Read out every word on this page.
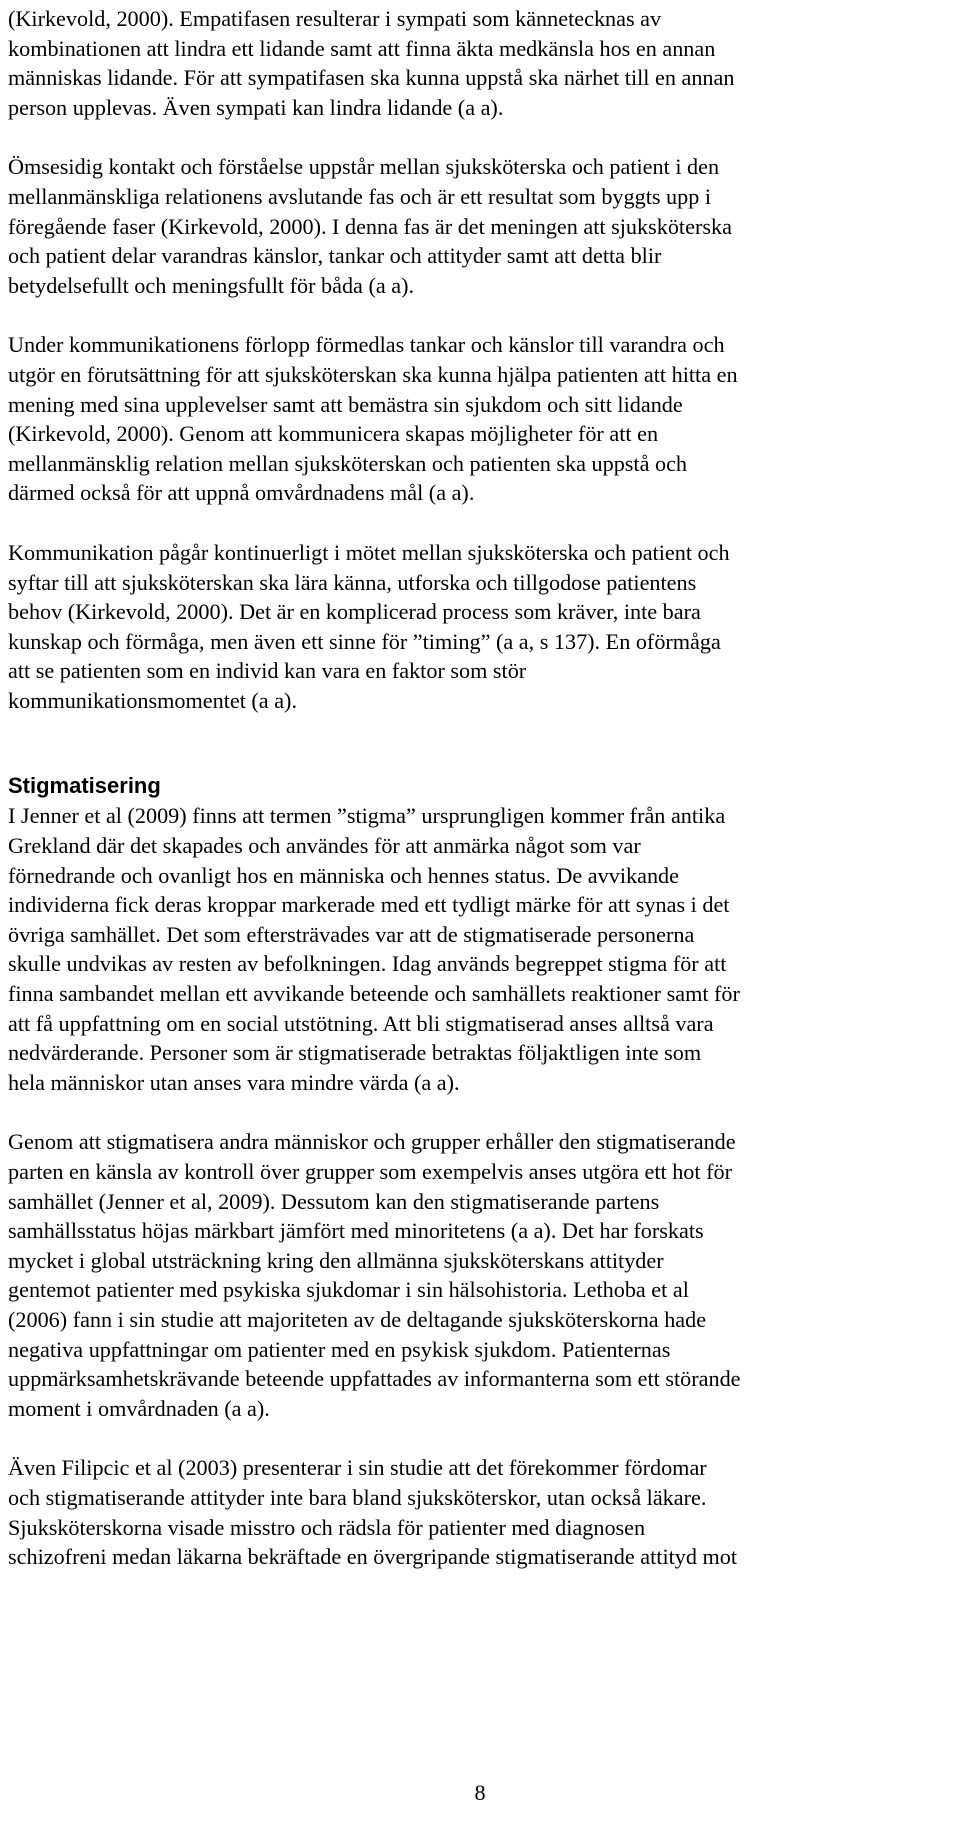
(Kirkevold, 2000). Empatifasen resulterar i sympati som kännetecknas av
kombinationen att lindra ett lidande samt att finna äkta medkänsla hos en annan
människas lidande. För att sympatifasen ska kunna uppstå ska närhet till en annan
person upplevas. Även sympati kan lindra lidande (a a).

Ömsesidig kontakt och förståelse uppstår mellan sjuksköterska och patient i den
mellanmänskliga relationens avslutande fas och är ett resultat som byggts upp i
föregående faser (Kirkevold, 2000). I denna fas är det meningen att sjuksköterska
och patient delar varandras känslor, tankar och attityder samt att detta blir
betydelsefullt och meningsfullt för båda (a a).

Under kommunikationens förlopp förmedlas tankar och känslor till varandra och
utgör en förutsättning för att sjuksköterskan ska kunna hjälpa patienten att hitta en
mening med sina upplevelser samt att bemästra sin sjukdom och sitt lidande
(Kirkevold, 2000). Genom att kommunicera skapas möjligheter för att en
mellanmänsklig relation mellan sjuksköterskan och patienten ska uppstå och
därmed också för att uppnå omvårdnadens mål (a a).

Kommunikation pågår kontinuerligt i mötet mellan sjuksköterska och patient och
syftar till att sjuksköterskan ska lära känna, utforska och tillgodose patientens
behov (Kirkevold, 2000). Det är en komplicerad process som kräver, inte bara
kunskap och förmåga, men även ett sinne för ”timing” (a a, s 137). En oförmåga
att se patienten som en individ kan vara en faktor som stör
kommunikationsmomentet (a a).

Stigmatisering

I Jenner et al (2009) finns att termen ”stigma” ursprungligen kommer från antika
Grekland där det skapades och användes för att anmärka något som var
förnedrande och ovanligt hos en människa och hennes status. De avvikande
individerna fick deras kroppar markerade med ett tydligt märke för att synas i det
övriga samhället. Det som eftersträvades var att de stigmatiserade personerna
skulle undvikas av resten av befolkningen. Idag används begreppet stigma för att
finna sambandet mellan ett avvikande beteende och samhällets reaktioner samt för
att få uppfattning om en social utstötning. Att bli stigmatiserad anses alltså vara
nedvärderande. Personer som är stigmatiserade betraktas följaktligen inte som
hela människor utan anses vara mindre värda (a a).

Genom att stigmatisera andra människor och grupper erhåller den stigmatiserande
parten en känsla av kontroll över grupper som exempelvis anses utgöra ett hot för
samhället (Jenner et al, 2009). Dessutom kan den stigmatiserande partens
samhällsstatus höjas märkbart jämfört med minoritetens (a a). Det har forskats
mycket i global utsträckning kring den allmänna sjuksköterskans attityder
gentemot patienter med psykiska sjukdomar i sin hälsohistoria. Lethoba et al
(2006) fann i sin studie att majoriteten av de deltagande sjuksköterskorna hade
negativa uppfattningar om patienter med en psykisk sjukdom. Patienternas
uppmärksamhetskrävande beteende uppfattades av informanterna som ett störande
moment i omvårdnaden (a a).

Även Filipcic et al (2003) presenterar i sin studie att det förekommer fördomar
och stigmatiserande attityder inte bara bland sjuksköterskor, utan också läkare.
Sjuksköterskorna visade misstro och rädsla för patienter med diagnosen
schizofreni medan läkarna bekräftade en övergripande stigmatiserande attityd mot

8
